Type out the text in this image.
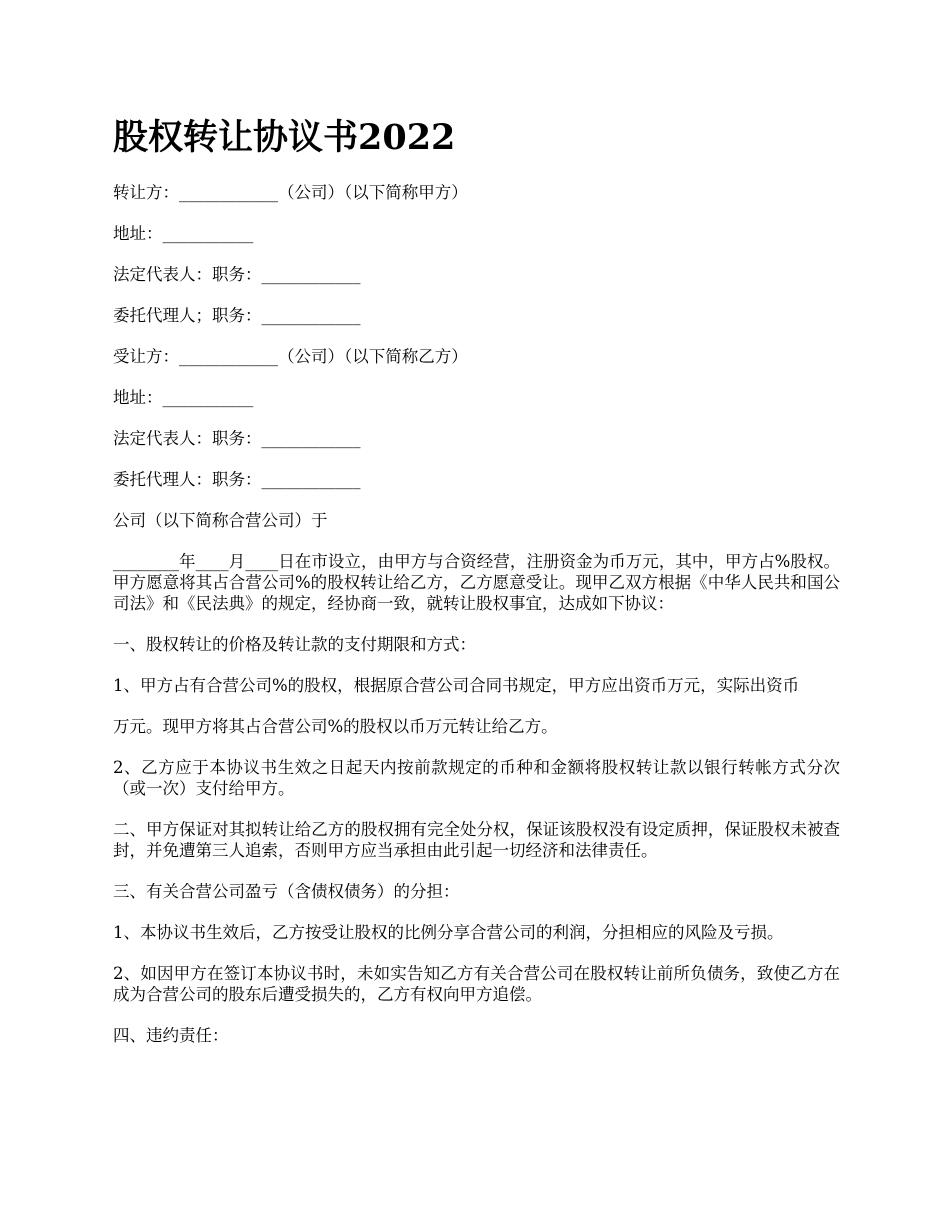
股权转让协议书2022

转让方：____________（公司）（以下简称甲方）

地址：___________

法定代表人：职务：____________

委托代理人；职务：____________

受让方：____________（公司）（以下简称乙方）

地址：___________

法定代表人：职务：____________

委托代理人：职务：____________

公司（以下简称合营公司）于

________年____月____日在市设立，由甲方与合资经营，注册资金为币万元，其中，甲方占%股权。甲方愿意将其占合营公司%的股权转让给乙方，乙方愿意受让。现甲乙双方根据《中华人民共和国公司法》和《民法典》的规定，经协商一致，就转让股权事宜，达成如下协议：

一、股权转让的价格及转让款的支付期限和方式：

1、甲方占有合营公司%的股权，根据原合营公司合同书规定，甲方应出资币万元，实际出资币

万元。现甲方将其占合营公司%的股权以币万元转让给乙方。

2、乙方应于本协议书生效之日起天内按前款规定的币种和金额将股权转让款以银行转帐方式分次（或一次）支付给甲方。

二、甲方保证对其拟转让给乙方的股权拥有完全处分权，保证该股权没有设定质押，保证股权未被查封，并免遭第三人追索，否则甲方应当承担由此引起一切经济和法律责任。

三、有关合营公司盈亏（含债权债务）的分担：

1、本协议书生效后，乙方按受让股权的比例分享合营公司的利润，分担相应的风险及亏损。

2、如因甲方在签订本协议书时，未如实告知乙方有关合营公司在股权转让前所负债务，致使乙方在成为合营公司的股东后遭受损失的，乙方有权向甲方追偿。

四、违约责任：
